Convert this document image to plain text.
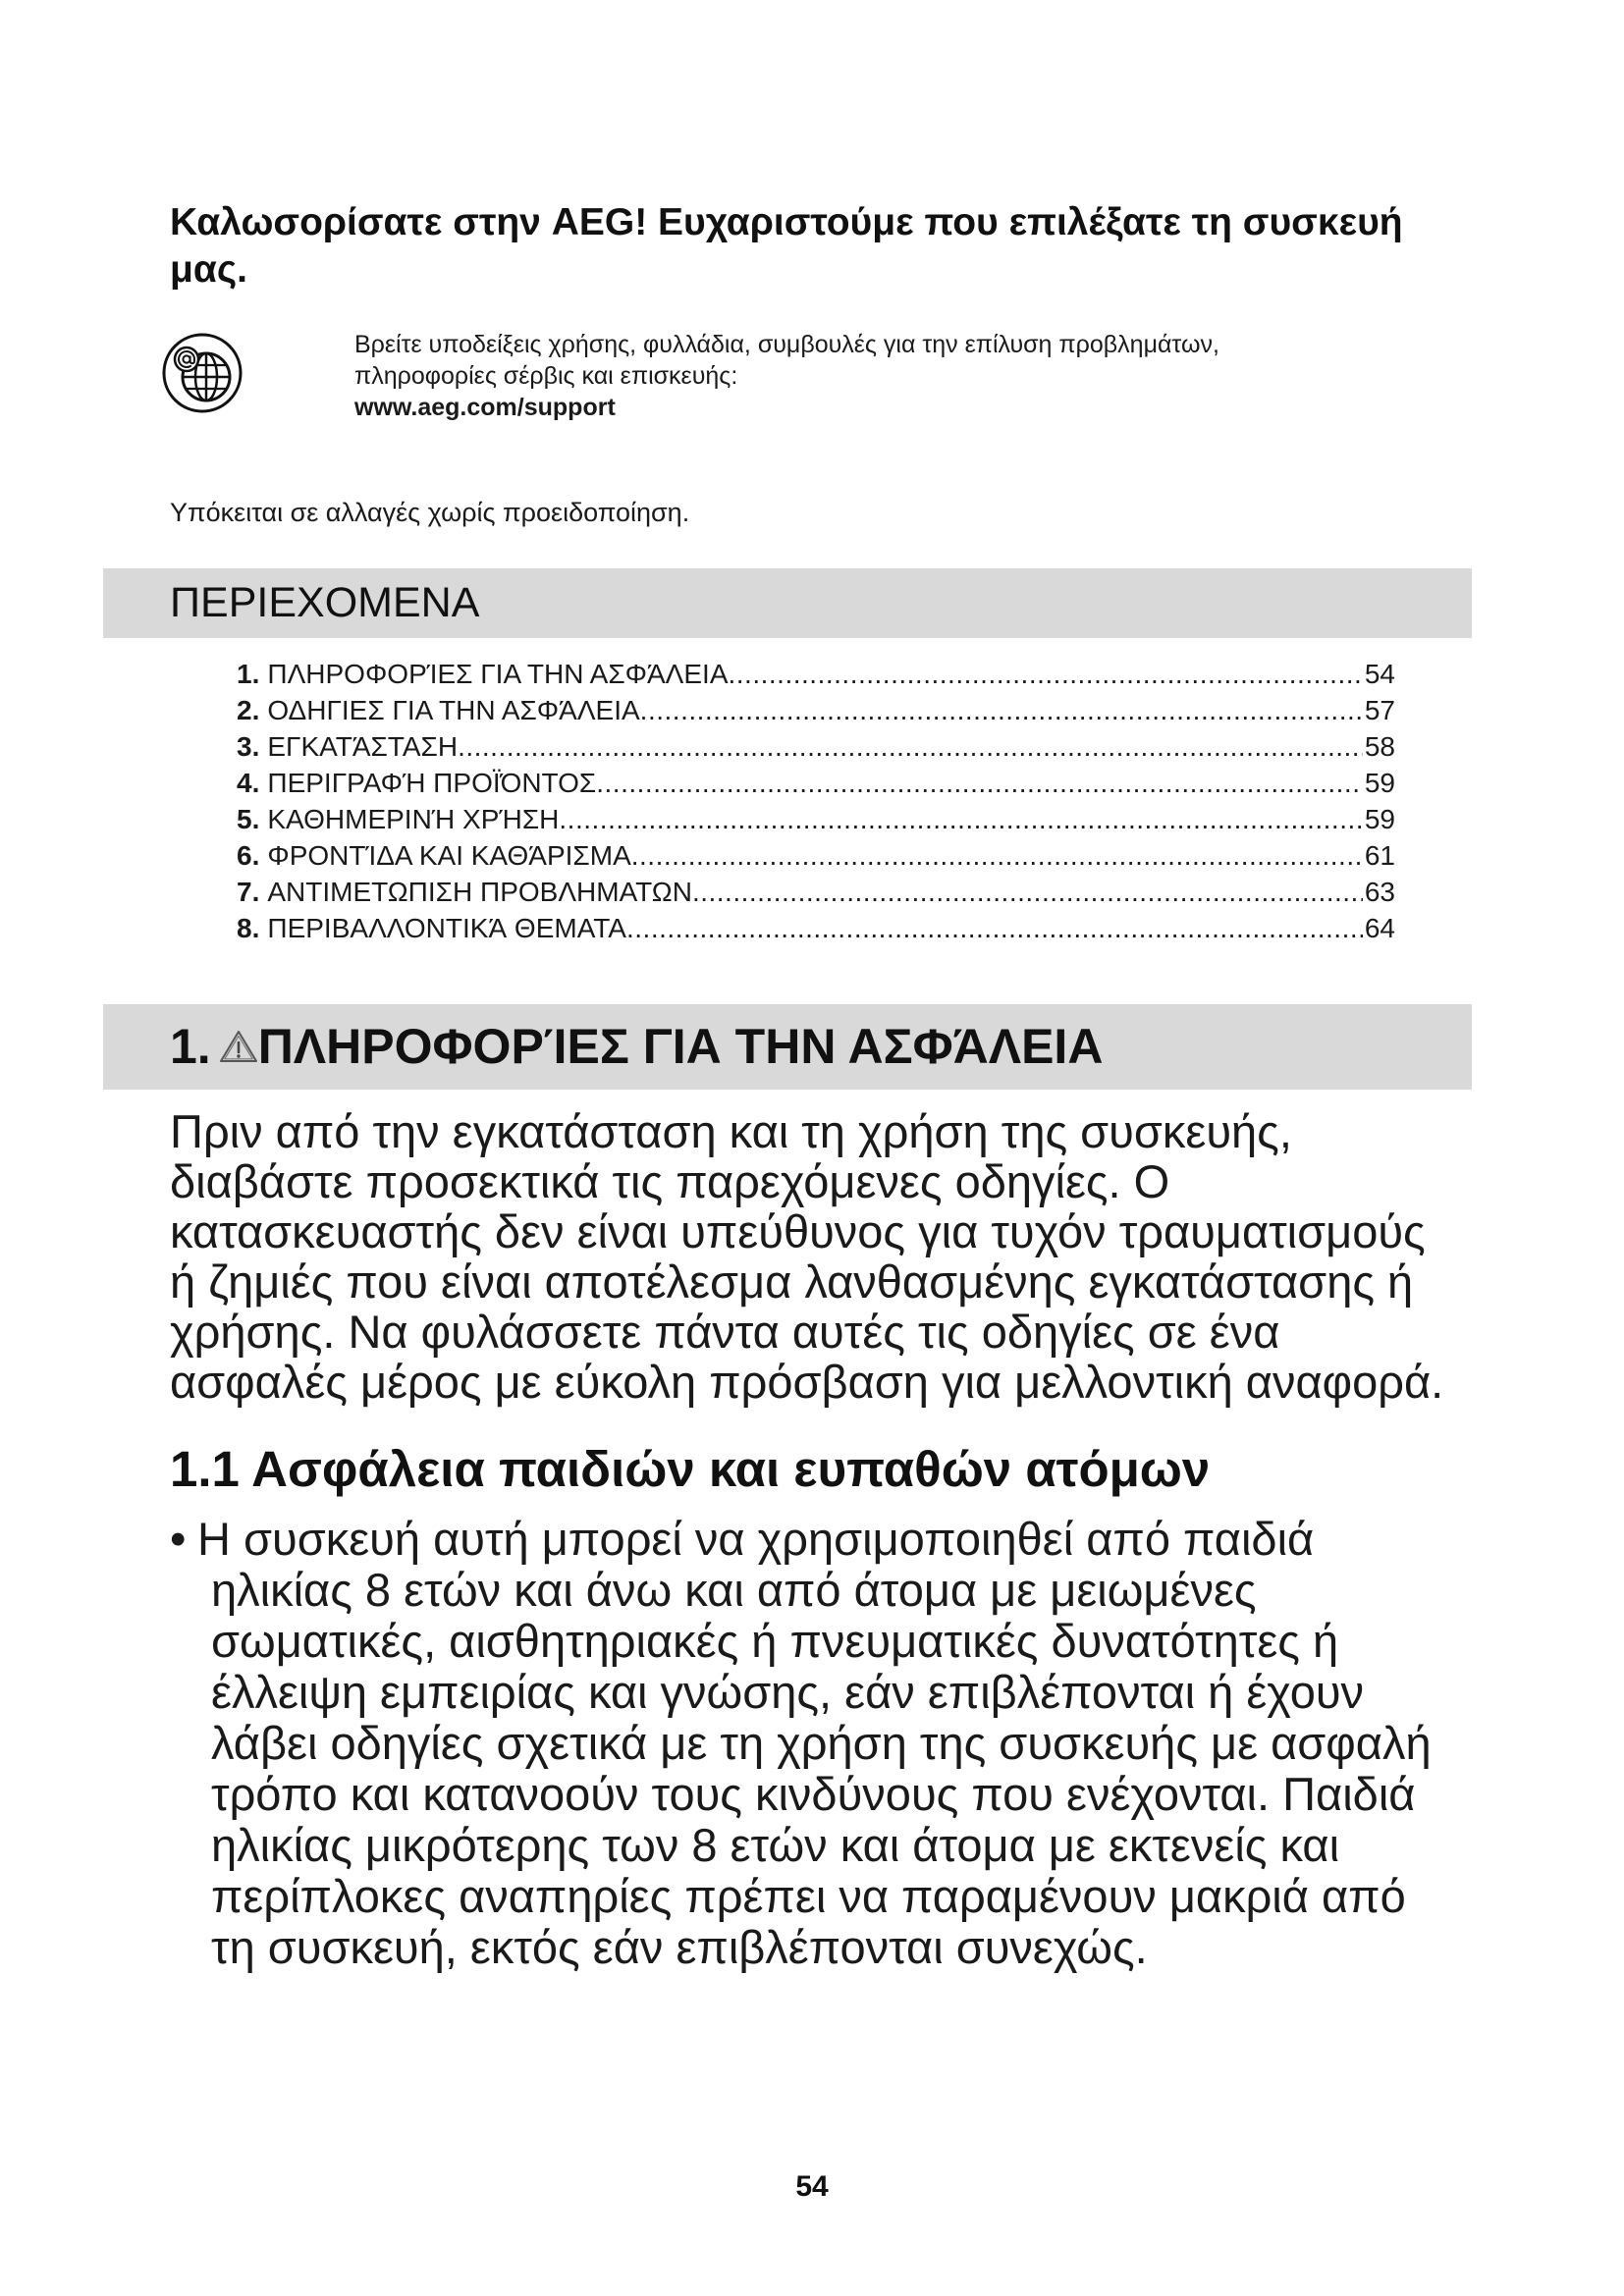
Καλωσορίσατε στην AEG! Ευχαριστούμε που επιλέξατε τη συσκευή
μας.
Βρείτε υποδείξεις χρήσης, φυλλάδια, συμβουλές για την επίλυση προβλημάτων,
πληροφορίες σέρβις και επισκευής:
www.aeg.com/support
Υπόκειται σε αλλαγές χωρίς προειδοποίηση.
ΠΕΡΙΕΧΟΜΕΝΑ
1. ΠΛΗΡΟΦΟΡΊΕΣ ΓΙΑ ΤΗΝ ΑΣΦΆΛΕΙΑ .....	54
2. ΟΔΗΓΙΕΣ ΓΙΑ ΤΗΝ ΑΣΦΆΛΕΙΑ .....	57
3. ΕΓΚΑΤΆΣΤΑΣΗ .....	58
4. ΠΕΡΙΓΡΑΦΉ ΠΡΟΪΌΝΤΟΣ .....	59
5. ΚΑΘΗΜΕΡΙΝΉ ΧΡΉΣΗ .....	59
6. ΦΡΟΝΤΊΔΑ ΚΑΙ ΚΑΘΆΡΙΣΜΑ .....	61
7. ΑΝΤΙΜΕΤΩΠΙΣΗ ΠΡΟΒΛΗΜΑΤΩΝ .....	63
8. ΠΕΡΙΒΑΛΛΟΝΤΙΚΆ ΘΕΜΑΤΑ .....	64
1. ΠΛΗΡΟΦΟΡΊΕΣ ΓΙΑ ΤΗΝ ΑΣΦΆΛΕΙΑ
Πριν από την εγκατάσταση και τη χρήση της συσκευής,
διαβάστε προσεκτικά τις παρεχόμενες οδηγίες. Ο
κατασκευαστής δεν είναι υπεύθυνος για τυχόν τραυματισμούς
ή ζημιές που είναι αποτέλεσμα λανθασμένης εγκατάστασης ή
χρήσης. Να φυλάσσετε πάντα αυτές τις οδηγίες σε ένα
ασφαλές μέρος με εύκολη πρόσβαση για μελλοντική αναφορά.
1.1 Ασφάλεια παιδιών και ευπαθών ατόμων
• Η συσκευή αυτή μπορεί να χρησιμοποιηθεί από παιδιά
ηλικίας 8 ετών και άνω και από άτομα με μειωμένες
σωματικές, αισθητηριακές ή πνευματικές δυνατότητες ή
έλλειψη εμπειρίας και γνώσης, εάν επιβλέπονται ή έχουν
λάβει οδηγίες σχετικά με τη χρήση της συσκευής με ασφαλή
τρόπο και κατανοούν τους κινδύνους που ενέχονται. Παιδιά
ηλικίας μικρότερης των 8 ετών και άτομα με εκτενείς και
περίπλοκες αναπηρίες πρέπει να παραμένουν μακριά από
τη συσκευή, εκτός εάν επιβλέπονται συνεχώς.
54
